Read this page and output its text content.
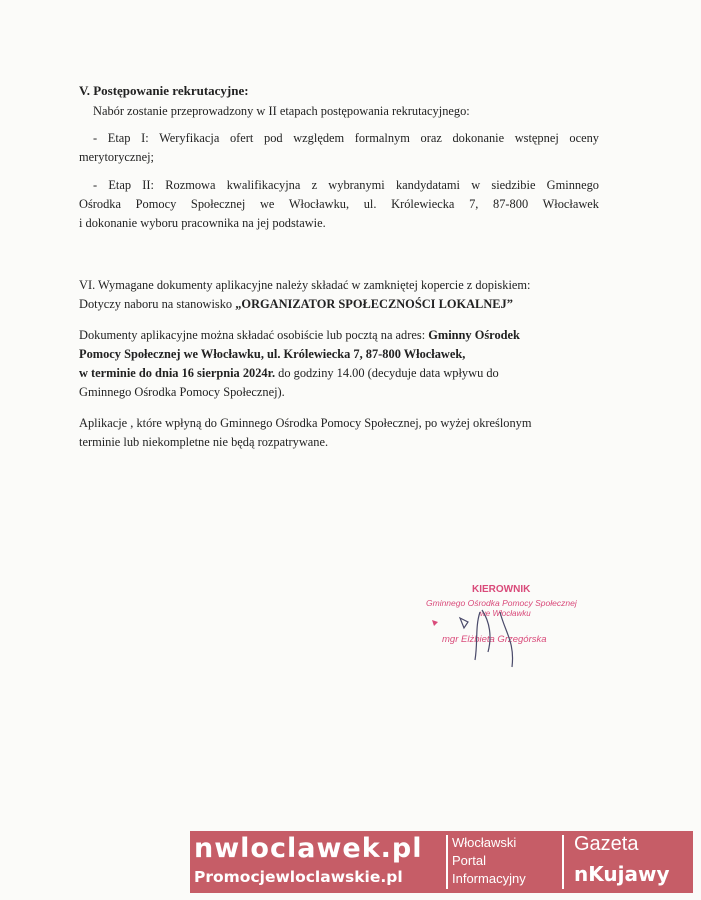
V. Postępowanie rekrutacyjne:
Nabór zostanie przeprowadzony w II etapach postępowania rekrutacyjnego:
- Etap I: Weryfikacja ofert pod względem formalnym oraz dokonanie wstępnej oceny
merytorycznej;
- Etap II: Rozmowa kwalifikacyjna z wybranymi kandydatami w siedzibie Gminnego
Ośrodka Pomocy Społecznej we Włocławku, ul. Królewiecka 7, 87-800 Włocławek
i dokonanie wyboru pracownika na jej podstawie.
VI. Wymagane dokumenty aplikacyjne należy składać w zamkniętej kopercie z dopiskiem:
Dotyczy naboru na stanowisko „ORGANIZATOR SPOŁECZNOŚCI LOKALNEJ”
Dokumenty aplikacyjne można składać osobiście lub pocztą na adres: Gminny Ośrodek
Pomocy Społecznej we Włocławku, ul. Królewiecka 7, 87-800 Włocławek,
w terminie do dnia 16 sierpnia 2024r. do godziny 14.00 (decyduje data wpływu do
Gminnego Ośrodka Pomocy Społecznej).
Aplikacje , które wpłyną do Gminnego Ośrodka Pomocy Społecznej, po wyżej określonym
terminie lub niekompletne nie będą rozpatrywane.
KIEROWNIK
Gminnego Ośrodka Pomocy Społecznej
we Włocławku
mgr Elżbieta Grzegórska
nwloclawek.pl
Promocjewloclawskie.pl
Włocławski
Portal
Informacyjny
Gazeta
nKujawy
